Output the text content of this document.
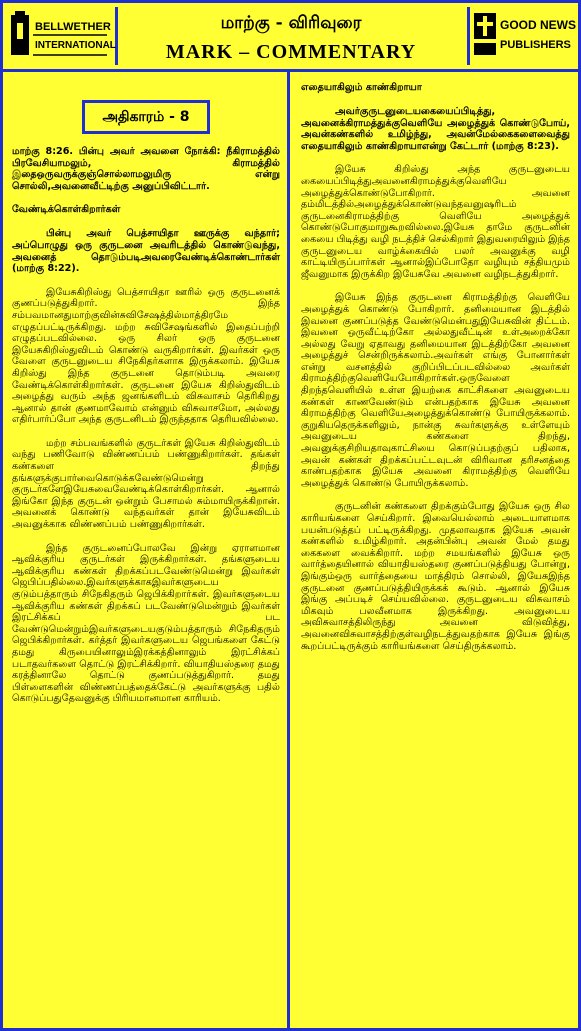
BELLWETHER
INTERNATIONAL
மாற்கு - விரிவுரை
MARK – COMMENTARY
GOOD NEWS
PUBLISHERS
அதிகாரம் - 8

மாற்கு 8:26. பின்பு அவர் அவனை நோக்கி: நீகிராமத்தில் பிரவேசியாமலும், கிராமத்தில் இதைஒருவருக்குஞ்சொல்லாமலுமிரு என்று சொல்லி,அவனைவீட்டிற்கு அனுப்பிவிட்டார்.

வேண்டிக்கொள்கிறார்கள்

பின்பு அவர் பெத்சாயிதா ஊருக்கு வந்தார்; அப்பொழுது ஒரு குருடனை அவரிடத்தில் கொண்டுவந்து, அவனைத் தொடும்படிஅவரைவேண்டிக்கொண்டார்கள் (மாற்கு 8:22).

இயேசுகிறிஸ்து பெத்சாயிதா ஊரில் ஒரு குருடனைக் குணப்படுத்துகிறார். இந்த சம்பவமானதுமாற்குவின்சுவிசேஷத்தில்மாத்திரமே எழுதப்பட்டிருக்கிறது. மற்ற சுவிசேஷங்களில் இதைப்பற்றி எழுதப்படவில்லை. ஒரு சிலர் ஒரு குருடனை இயேசுகிறிஸ்துவிடம் கொண்டு வருகிறார்கள். இவர்கள் ஒரு வேளை குருடனுடைய சிநேகிதர்களாக இருக்கலாம். இயேசு கிறிஸ்து இந்த குருடனை தொடும்படி அவரை வேண்டிக்கொள்கிறார்கள். குருடனை இயேசு கிறிஸ்துவிடம் அழைத்து வரும் அந்த ஜனங்களிடம் விசுவாசம் தெரிகிறது ஆனால் தான் குணமாவோம் என்னும் விசுவாசமோ, அல்லது எதிர்பார்ப்போ அந்த குருடனிடம் இருந்ததாக தெரியவில்லை.

மற்ற சம்பவங்களில் குருடர்கள் இயேசு கிறிஸ்துவிடம் வந்து பணிவோடு விண்ணப்பம் பண்ணுகிறார்கள். தங்கள் கண்களை திறந்து தங்களுக்குபார்வைகொடுக்கவேண்டுமென்று குருடர்களேஇயேசுவைவேண்டிக்கொள்கிறார்கள். ஆனால் இங்கோ இந்த குருடன் ஒன்றும் பேசாமல் சும்மாயிருக்கிறான். அவனைக் கொண்டு வந்தவர்கள் தான் இயேசுவிடம் அவனுக்காக விண்ணப்பம் பண்ணுகிறார்கள்.

இந்த குருடனைப்போலவே இன்று ஏராளமான ஆவிக்குரிய குருடர்கள் இருக்கிறார்கள். தங்களுடைய ஆவிக்குரிய கண்கள் திறக்கப்படவேண்டுமென்று இவர்கள் ஜெபிப்பதில்லை.இவர்களுக்காகஇவர்களுடைய குடும்பத்தாரும் சிநேகிதரும் ஜெபிக்கிறார்கள். இவர்களுடைய ஆவிக்குரிய கண்கள் திறக்கப் படவேண்டுமென்றும் இவர்கள் இரட்சிக்கப் பட வேண்டுமென்றும்இவர்களுடையகுடும்பத்தாரும் சிநேகிதரும் ஜெபிக்கிறார்கள். கர்த்தர் இவர்களுடைய ஜெபங்களை கேட்டு தமது கிருபையினாலும்இரக்கத்தினாலும் இரட்சிக்கப் படாதவர்களை தொட்டு இரட்சிக்கிறார். வியாதியஸ்தரை தமது கரத்தினாலே தொட்டு குணப்படுத்துகிறார். தமது பிள்ளைகளின் விண்ணப்பத்தைக்கேட்டு அவர்களுக்கு பதில் கொடுப்பதுதேவனுக்கு பிரியமானமான காரியம்.

எதையாகிலும் காண்கிறாயா

அவர்குருடனுடையகையைப்பிடித்து, அவனைக்கிராமத்துக்குவெளியே அழைத்துக் கொண்டுபோய், அவன்கண்களில் உமிழ்ந்து, அவன்மேல்கைகளைவைத்து எதையாகிலும் காண்கிறாயாஎன்று கேட்டார் (மாற்கு 8:23).

இயேசு கிறிஸ்து அந்த குருடனுடைய கையைப்பிடித்துஅவனைகிராமத்துக்குவெளியே அழைத்துக்கொண்டுபோகிறார். அவனை தம்மிடத்தில்அழைத்துக்கொண்டுவந்தவனுஷரிடம் குருடனைகிராமத்திற்கு வெளியே அழைத்துக் கொண்டுபோகுமாறுகூறவில்லை.இயேசு தாமே குருடனின் கையை பிடித்து வழி நடத்திச் செல்கிறார் இதுவரையிலும் இந்த குருடனுடைய வாழ்க்கையில் பலர் அவனுக்கு வழி காட்டியிருப்பார்கள் ஆனால்இப்போதோ வழியும் சத்தியமும் ஜீவனுமாக இருக்கிற இயேசுவே அவனை வழிநடத்துகிறார்.

இயேசு இந்த குருடனை கிராமத்திற்கு வெளியே அழைத்துக் கொண்டு போகிறார். தனிமையான இடத்தில் இவனை குணப்படுத்த வேண்டுமென்பதுஇயேசுவின் திட்டம். இவனை ஒருவீட்டிற்கோ அல்லதுவீட்டின் உள்அறைக்கோ அல்லது வேறு ஏதாவது தனிமையான இடத்திற்கோ அவனை அழைத்துச் சென்றிருக்கலாம்.அவர்கள் எங்கு போனார்கள் என்று வசனத்தில் குறிப்பிடப்படவில்லை அவர்கள் கிராமத்திற்குவெளியேபோகிறார்கள்.ஒருவேளை திறந்தவெளியில் உள்ள இயற்கை காட்சிகளை அவனுடைய கண்கள் காணவேண்டும் என்பதற்காக இயேசு அவனை கிராமத்திற்கு வெளியேஅழைத்துக்கொண்டு போயிருக்கலாம். குறுகியதெருக்களிலும், நான்கு சுவர்களுக்கு உள்ளேயும் அவனுடைய கண்களை திறந்து, அவனுக்குசிறியதாவுகாட்சியை கொடுப்பதற்குப் பதிலாக, அவன் கண்கள் திறக்கப்பட்டவுடன் விரிவான தரிசனத்தை காண்பதற்காக இயேசு அவனை கிராமத்திற்கு வெளியே அழைத்துக் கொண்டு போயிருக்கலாம்.

குருடனின் கண்களை திறக்கும்போது இயேசு ஒரு சில காரியங்களை செய்கிறார். இவையெல்லாம் அடையாளமாக பயன்படுத்தப் பட்டிருக்கிறது. முதலாவதாக இயேசு அவன் கண்களில் உமிழ்கிறார். அதன்பின்பு அவன் மேல் தமது கைகளை வைக்கிறார். மற்ற சமயங்களில் இயேசு ஒரு வார்த்தையினால் வியாதியஸ்தரை குணப்படுத்தியது போன்று, இங்கும்ஒரு வார்த்தையை மாத்திரம் சொல்லி, இயேசுஇந்த குருடனை குணப்படுத்தியிருக்கக் கூடும். ஆனால் இயேசு இங்கு அப்படிச் செய்யவில்லை. குருடனுடைய விசுவாசம் மிகவும் பலவீனமாக இருக்கிறது. அவனுடைய அவிசுவாசத்திலிருந்து அவனை விடுவித்து, அவனைவிசுவாசத்திற்குள்வழிநடத்துவதற்காக இயேசு இங்கு கூறப்பட்டிருக்கும் காரியங்களை செய்திருக்கலாம்.
